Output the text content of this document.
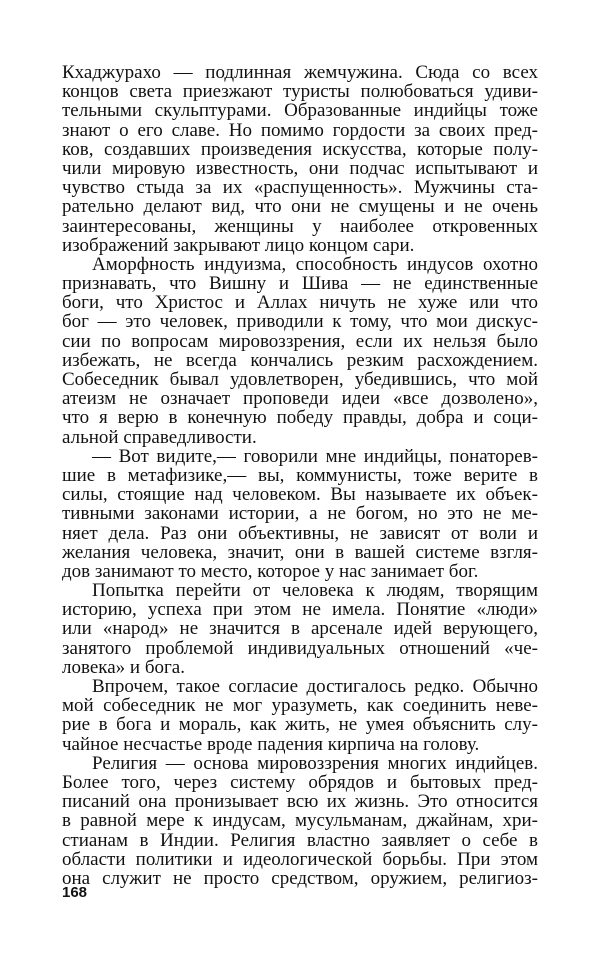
Кхаджурахо — подлинная жемчужина. Сюда со всех
концов света приезжают туристы полюбоваться удиви-
тельными скульптурами. Образованные индийцы тоже
знают о его славе. Но помимо гордости за своих пред-
ков, создавших произведения искусства, которые полу-
чили мировую известность, они подчас испытывают и
чувство стыда за их «распущенность». Мужчины ста-
рательно делают вид, что они не смущены и не очень
заинтересованы, женщины у наиболее откровенных
изображений закрывают лицо концом сари.
Аморфность индуизма, способность индусов охотно
признавать, что Вишну и Шива — не единственные
боги, что Христос и Аллах ничуть не хуже или что
бог — это человек, приводили к тому, что мои дискус-
сии по вопросам мировоззрения, если их нельзя было
избежать, не всегда кончались резким расхождением.
Собеседник бывал удовлетворен, убедившись, что мой
атеизм не означает проповеди идеи «все дозволено»,
что я верю в конечную победу правды, добра и соци-
альной справедливости.
— Вот видите,— говорили мне индийцы, понаторев-
шие в метафизике,— вы, коммунисты, тоже верите в
силы, стоящие над человеком. Вы называете их объек-
тивными законами истории, а не богом, но это не ме-
няет дела. Раз они объективны, не зависят от воли и
желания человека, значит, они в вашей системе взгля-
дов занимают то место, которое у нас занимает бог.
Попытка перейти от человека к людям, творящим
историю, успеха при этом не имела. Понятие «люди»
или «народ» не значится в арсенале идей верующего,
занятого проблемой индивидуальных отношений «че-
ловека» и бога.
Впрочем, такое согласие достигалось редко. Обычно
мой собеседник не мог уразуметь, как соединить неве-
рие в бога и мораль, как жить, не умея объяснить слу-
чайное несчастье вроде падения кирпича на голову.
Религия — основа мировоззрения многих индийцев.
Более того, через систему обрядов и бытовых пред-
писаний она пронизывает всю их жизнь. Это относится
в равной мере к индусам, мусульманам, джайнам, хри-
стианам в Индии. Религия властно заявляет о себе в
области политики и идеологической борьбы. При этом
она служит не просто средством, оружием, религиоз-
168
